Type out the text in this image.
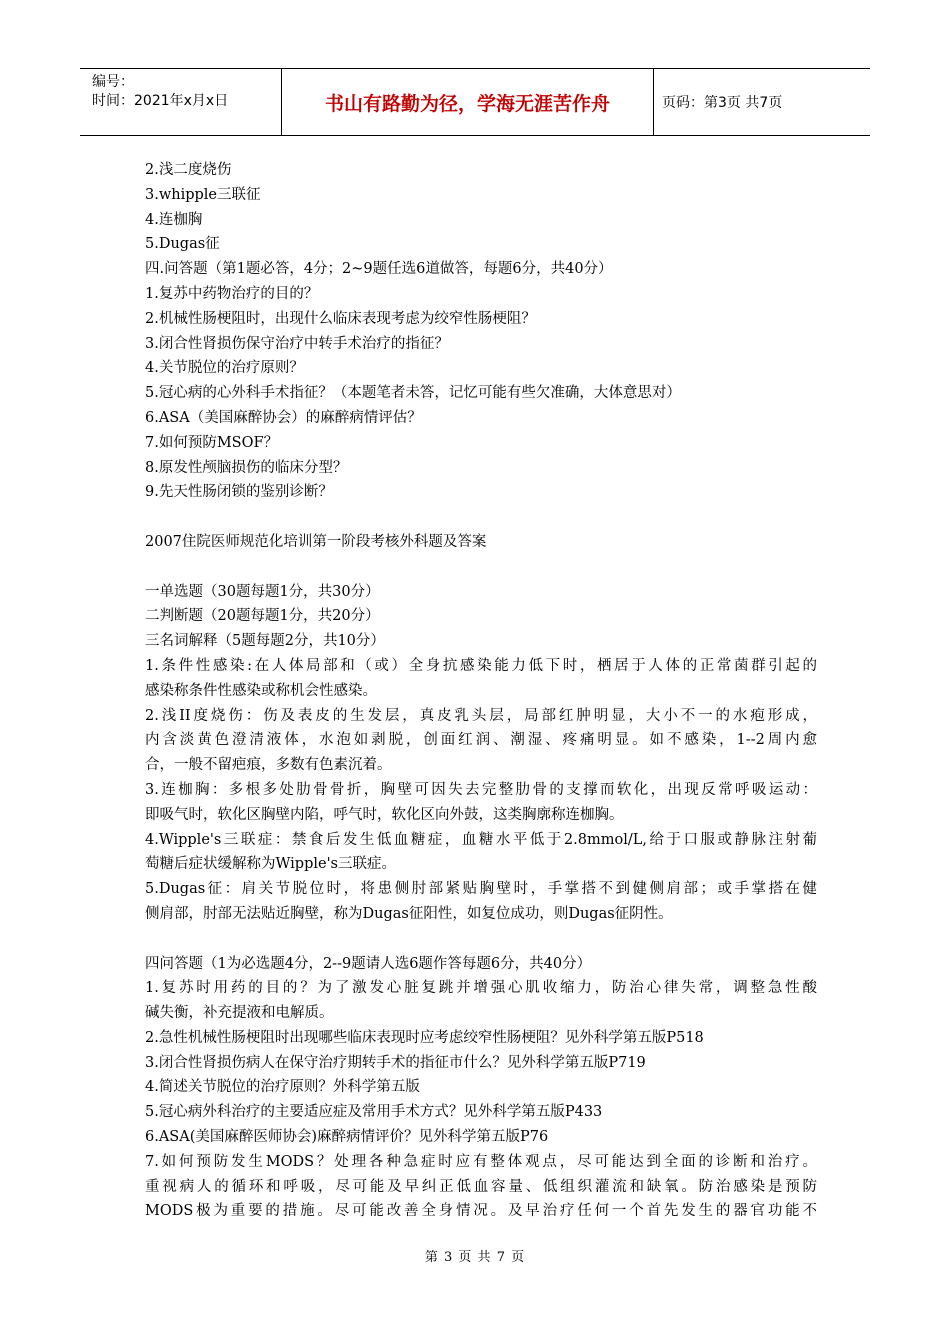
编号：
时间：2021年x月x日	书山有路勤为径，学海无涯苦作舟	页码：第3页 共7页
2.浅二度烧伤
3.whipple三联征
4.连枷胸
5.Dugas征
四.问答题（第1题必答，4分；2~9题任选6道做答，每题6分，共40分）
1.复苏中药物治疗的目的？
2.机械性肠梗阻时，出现什么临床表现考虑为绞窄性肠梗阻？
3.闭合性肾损伤保守治疗中转手术治疗的指征？
4.关节脱位的治疗原则？
5.冠心病的心外科手术指征？（本题笔者未答，记忆可能有些欠准确，大体意思对）
6.ASA（美国麻醉协会）的麻醉病情评估？
7.如何预防MSOF？
8.原发性颅脑损伤的临床分型？
9.先天性肠闭锁的鉴别诊断？
2007住院医师规范化培训第一阶段考核外科题及答案
一单选题（30题每题1分，共30分）
二判断题（20题每题1分，共20分）
三名词解释（5题每题2分，共10分）
1.条件性感染:在人体局部和（或）全身抗感染能力低下时，栖居于人体的正常菌群引起的
感染称条件性感染或称机会性感染。
2.浅II度烧伤：伤及表皮的生发层，真皮乳头层，局部红肿明显，大小不一的水疱形成，
内含淡黄色澄清液体，水泡如剥脱，创面红润、潮湿、疼痛明显。如不感染，1--2周内愈
合，一般不留疤痕，多数有色素沉着。
3.连枷胸：多根多处肋骨骨折，胸壁可因失去完整肋骨的支撑而软化，出现反常呼吸运动：
即吸气时，软化区胸壁内陷，呼气时，软化区向外鼓，这类胸廓称连枷胸。
4.Wipple's三联症：禁食后发生低血糖症，血糖水平低于2.8mmol/L,给于口服或静脉注射葡
萄糖后症状缓解称为Wipple's三联症。
5.Dugas征：肩关节脱位时，将患侧肘部紧贴胸壁时，手掌搭不到健侧肩部；或手掌搭在健
侧肩部，肘部无法贴近胸壁，称为Dugas征阳性，如复位成功，则Dugas征阴性。
四问答题（1为必选题4分，2--9题请人选6题作答每题6分，共40分）
1.复苏时用药的目的？为了激发心脏复跳并增强心肌收缩力，防治心律失常，调整急性酸
碱失衡，补充提液和电解质。
2.急性机械性肠梗阻时出现哪些临床表现时应考虑绞窄性肠梗阻？见外科学第五版P518
3.闭合性肾损伤病人在保守治疗期转手术的指征市什么？见外科学第五版P719
4.简述关节脱位的治疗原则？外科学第五版
5.冠心病外科治疗的主要适应症及常用手术方式？见外科学第五版P433
6.ASA(美国麻醉医师协会)麻醉病情评价？见外科学第五版P76
7.如何预防发生MODS？处理各种急症时应有整体观点，尽可能达到全面的诊断和治疗。
重视病人的循环和呼吸，尽可能及早纠正低血容量、低组织灌流和缺氧。防治感染是预防
MODS极为重要的措施。尽可能改善全身情况。及早治疗任何一个首先发生的器官功能不
第 3 页 共 7 页
